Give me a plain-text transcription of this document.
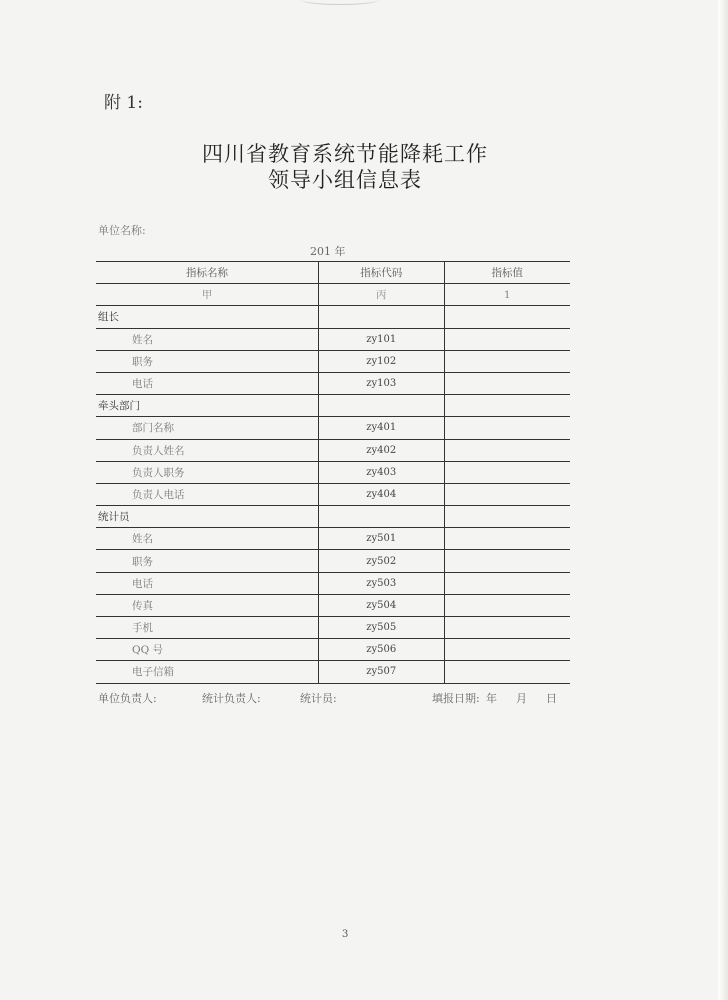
附 1:
四川省教育系统节能降耗工作
领导小组信息表
单位名称:
201 年
指标名称	指标代码	指标值
甲	丙	1
组长		
姓名	zy101	
职务	zy102	
电话	zy103	
牵头部门		
部门名称	zy401	
负责人姓名	zy402	
负责人职务	zy403	
负责人电话	zy404	
统计员		
姓名	zy501	
职务	zy502	
电话	zy503	
传真	zy504	
手机	zy505	
QQ 号	zy506	
电子信箱	zy507	
单位负责人:	统计负责人:	统计员:	填报日期: 年 月 日
3
